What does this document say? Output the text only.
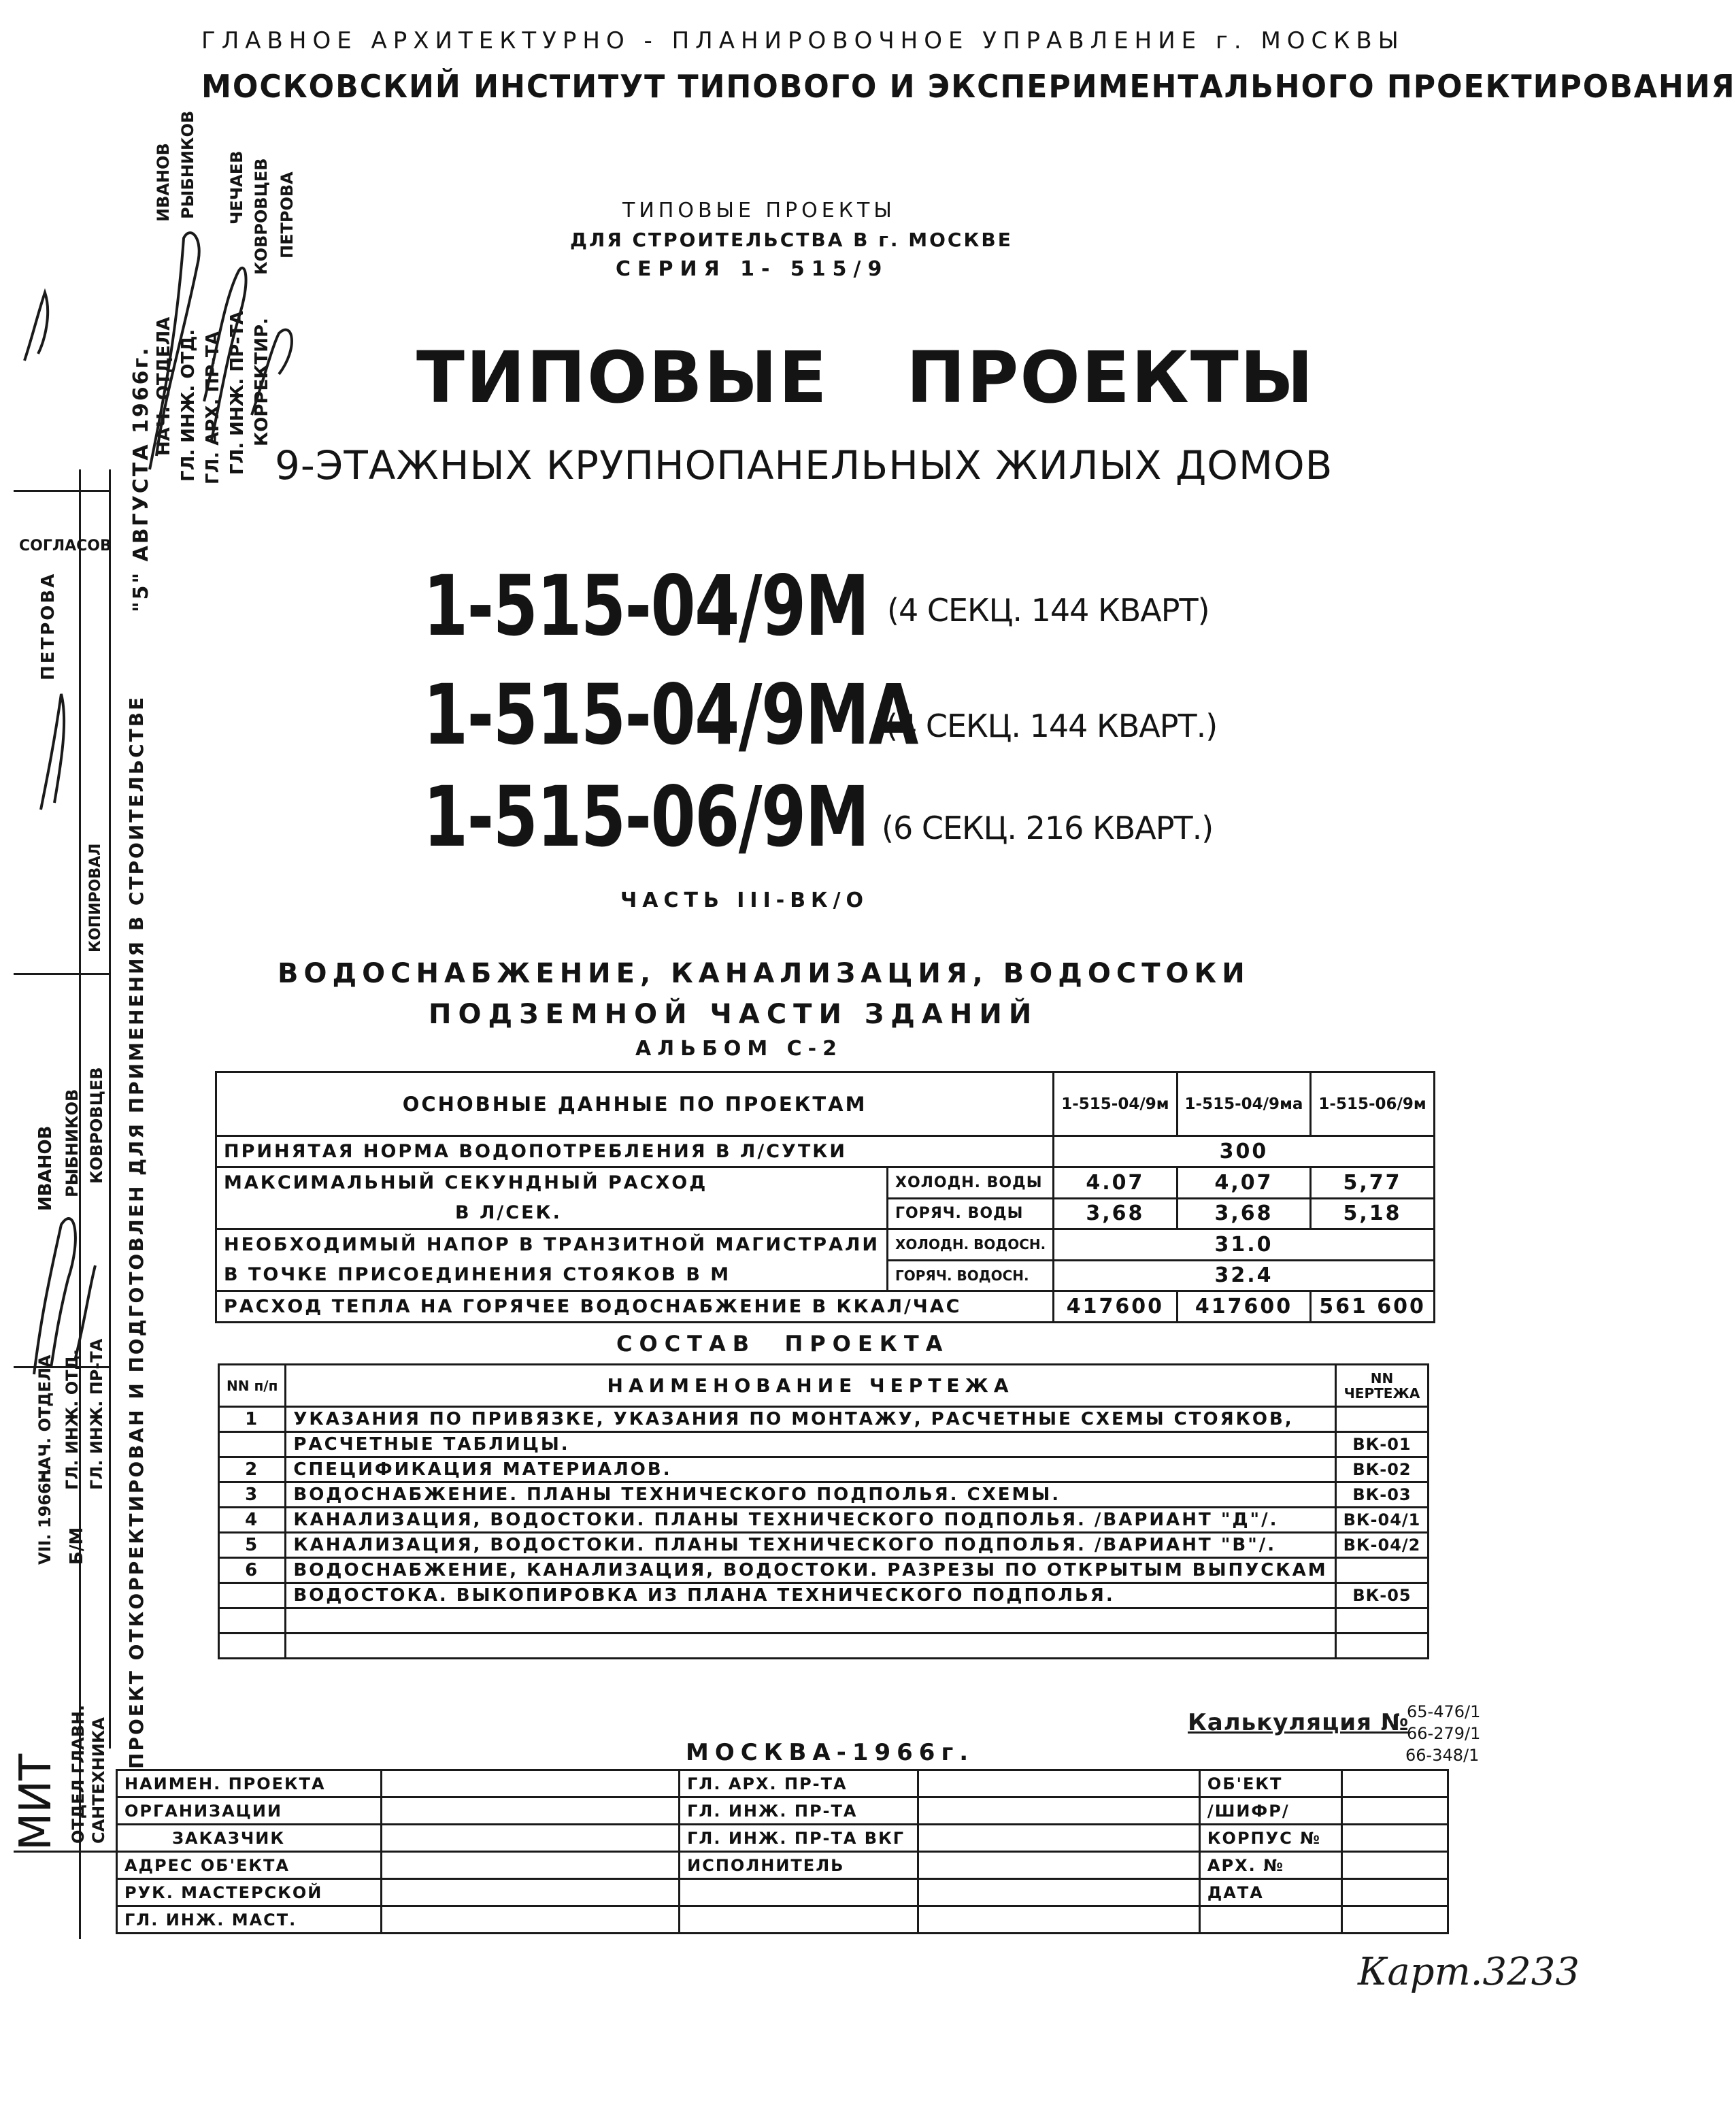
ГЛАВНОЕ АРХИТЕКТУРНО - ПЛАНИРОВОЧНОЕ УПРАВЛЕНИЕ г. МОСКВЫ
МОСКОВСКИЙ ИНСТИТУТ ТИПОВОГО И ЭКСПЕРИМЕНТАЛЬНОГО ПРОЕКТИРОВАНИЯ
ТИПОВЫЕ ПРОЕКТЫ
ДЛЯ СТРОИТЕЛЬСТВА В г. МОСКВЕ
СЕРИЯ 1- 515/9
ТИПОВЫЕ   ПРОЕКТЫ
9-ЭТАЖНЫХ КРУПНОПАНЕЛЬНЫХ ЖИЛЫХ ДОМОВ
1-515-04/9М (4 СЕКЦ. 144 КВАРТ)
1-515-04/9МА
(4 СЕКЦ. 144 КВАРТ.)
1-515-06/9М (6 СЕКЦ. 216 КВАРТ.)
ЧАСТЬ III-ВК/О
ВОДОСНАБЖЕНИЕ, КАНАЛИЗАЦИЯ, ВОДОСТОКИ
ПОДЗЕМНОЙ ЧАСТИ ЗДАНИЙ
АЛЬБОМ С-2
ОСНОВНЫЕ ДАННЫЕ ПО ПРОЕКТАМ		1-515-04/9м	1-515-04/9ма	1-515-06/9м
ПРИНЯТАЯ НОРМА ВОДОПОТРЕБЛЕНИЯ В Л/СУТКИ		300		

МАКСИМАЛЬНЫЙ СЕКУНДНЫЙ РАСХОД
В Л/СЕК.	ХОЛОДН. ВОДЫ	4.07	4,07	5,77
	ГОРЯЧ. ВОДЫ	3,68	3,68	5,18

НЕОБХОДИМЫЙ НАПОР В ТРАНЗИТНОЙ МАГИСТРАЛИ
В ТОЧКЕ ПРИСОЕДИНЕНИЯ СТОЯКОВ В М	ХОЛОДН. ВОДОСН.	31.0		
	ГОРЯЧ. ВОДОСН.	32.4		
РАСХОД ТЕПЛА НА ГОРЯЧЕЕ ВОДОСНАБЖЕНИЕ В ККАЛ/ЧАС		417600	417600	561 600
СОСТАВ  ПРОЕКТА
NN п/п	НАИМЕНОВАНИЕ ЧЕРТЕЖА	NN ЧЕРТЕЖА
1	УКАЗАНИЯ ПО ПРИВЯЗКЕ, УКАЗАНИЯ ПО МОНТАЖУ, РАСЧЕТНЫЕ СХЕМЫ СТОЯКОВ,	
	РАСЧЕТНЫЕ ТАБЛИЦЫ.	ВК-01
2	СПЕЦИФИКАЦИЯ МАТЕРИАЛОВ.	ВК-02
3	ВОДОСНАБЖЕНИЕ. ПЛАНЫ ТЕХНИЧЕСКОГО ПОДПОЛЬЯ. СХЕМЫ.	ВК-03
4	КАНАЛИЗАЦИЯ, ВОДОСТОКИ. ПЛАНЫ ТЕХНИЧЕСКОГО ПОДПОЛЬЯ. /ВАРИАНТ "Д"/.	ВК-04/1
5	КАНАЛИЗАЦИЯ, ВОДОСТОКИ. ПЛАНЫ ТЕХНИЧЕСКОГО ПОДПОЛЬЯ. /ВАРИАНТ "В"/.	ВК-04/2
6	ВОДОСНАБЖЕНИЕ, КАНАЛИЗАЦИЯ, ВОДОСТОКИ. РАЗРЕЗЫ ПО ОТКРЫТЫМ ВЫПУСКАМ	
	ВОДОСТОКА. ВЫКОПИРОВКА ИЗ ПЛАНА ТЕХНИЧЕСКОГО ПОДПОЛЬЯ.	ВК-05

Калькуляция №
65-476/1
66-279/1
66-348/1
МОСКВА-1966г.
НАИМЕН. ПРОЕКТА		ГЛ. АРХ. ПР-ТА		ОБ'ЕКТ	
ОРГАНИЗАЦИИ		ГЛ. ИНЖ. ПР-ТА		/ШИФР/	
ЗАКАЗЧИК		ГЛ. ИНЖ. ПР-ТА ВКГ		КОРПУС №	
АДРЕС ОБ'ЕКТА		ИСПОЛНИТЕЛЬ		АРХ. №	
РУК. МАСТЕРСКОЙ				ДАТА	
ГЛ. ИНЖ. МАСТ.					
Карт.3233
СОГЛАСОВ
ПЕТРОВА
КОПИРОВАЛ ПРОЕКТ ОТКОРРЕКТИРОВАН И ПОДГОТОВЛЕН ДЛЯ ПРИМЕНЕНИЯ В СТРОИТЕЛЬСТВЕ
"5" АВГУСТА 1966г. НАЧ. ОТДЕЛА ГЛ. ИНЖ. ОТД. ГЛ. АРХ. ПР-ТА ГЛ. ИНЖ. ПР-ТА КОРРЕКТИР.
ИВАНОВ РЫБНИКОВ ЧЕЧАЕВ КОВРОВЦЕВ ПЕТРОВА
ИВАНОВ РЫБНИКОВ КОВРОВЦЕВ
НАЧ. ОТДЕЛА ГЛ. ИНЖ. ОТД. ГЛ. ИНЖ. ПР-ТА
VII. 1966г. Б/М
МИТ ОТДЕЛ ГЛАВН. САНТЕХНИКА
